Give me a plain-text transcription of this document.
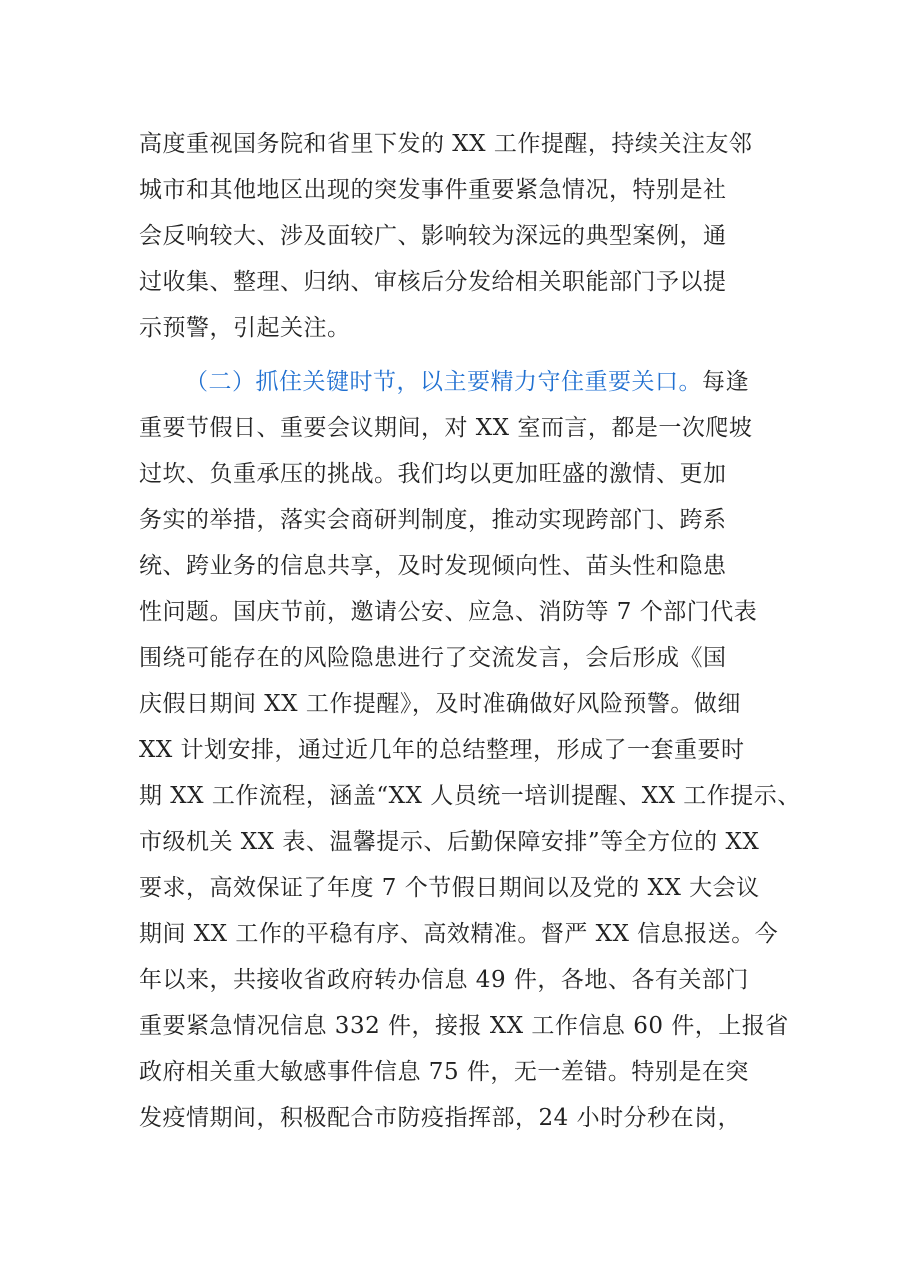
高度重视国务院和省里下发的 XX 工作提醒，持续关注友邻
城市和其他地区出现的突发事件重要紧急情况，特别是社
会反响较大、涉及面较广、影响较为深远的典型案例，通
过收集、整理、归纳、审核后分发给相关职能部门予以提
示预警，引起关注。
（二）抓住关键时节，以主要精力守住重要关口。每逢
重要节假日、重要会议期间，对 XX 室而言，都是一次爬坡
过坎、负重承压的挑战。我们均以更加旺盛的激情、更加
务实的举措，落实会商研判制度，推动实现跨部门、跨系
统、跨业务的信息共享，及时发现倾向性、苗头性和隐患
性问题。国庆节前，邀请公安、应急、消防等 7 个部门代表
围绕可能存在的风险隐患进行了交流发言，会后形成《国
庆假日期间 XX 工作提醒》，及时准确做好风险预警。做细
XX 计划安排，通过近几年的总结整理，形成了一套重要时
期 XX 工作流程，涵盖“XX 人员统一培训提醒、XX 工作提示、
市级机关 XX 表、温馨提示、后勤保障安排”等全方位的 XX
要求，高效保证了年度 7 个节假日期间以及党的 XX 大会议
期间 XX 工作的平稳有序、高效精准。督严 XX 信息报送。今
年以来，共接收省政府转办信息 49 件，各地、各有关部门
重要紧急情况信息 332 件，接报 XX 工作信息 60 件，上报省
政府相关重大敏感事件信息 75 件，无一差错。特别是在突
发疫情期间，积极配合市防疫指挥部，24 小时分秒在岗，
